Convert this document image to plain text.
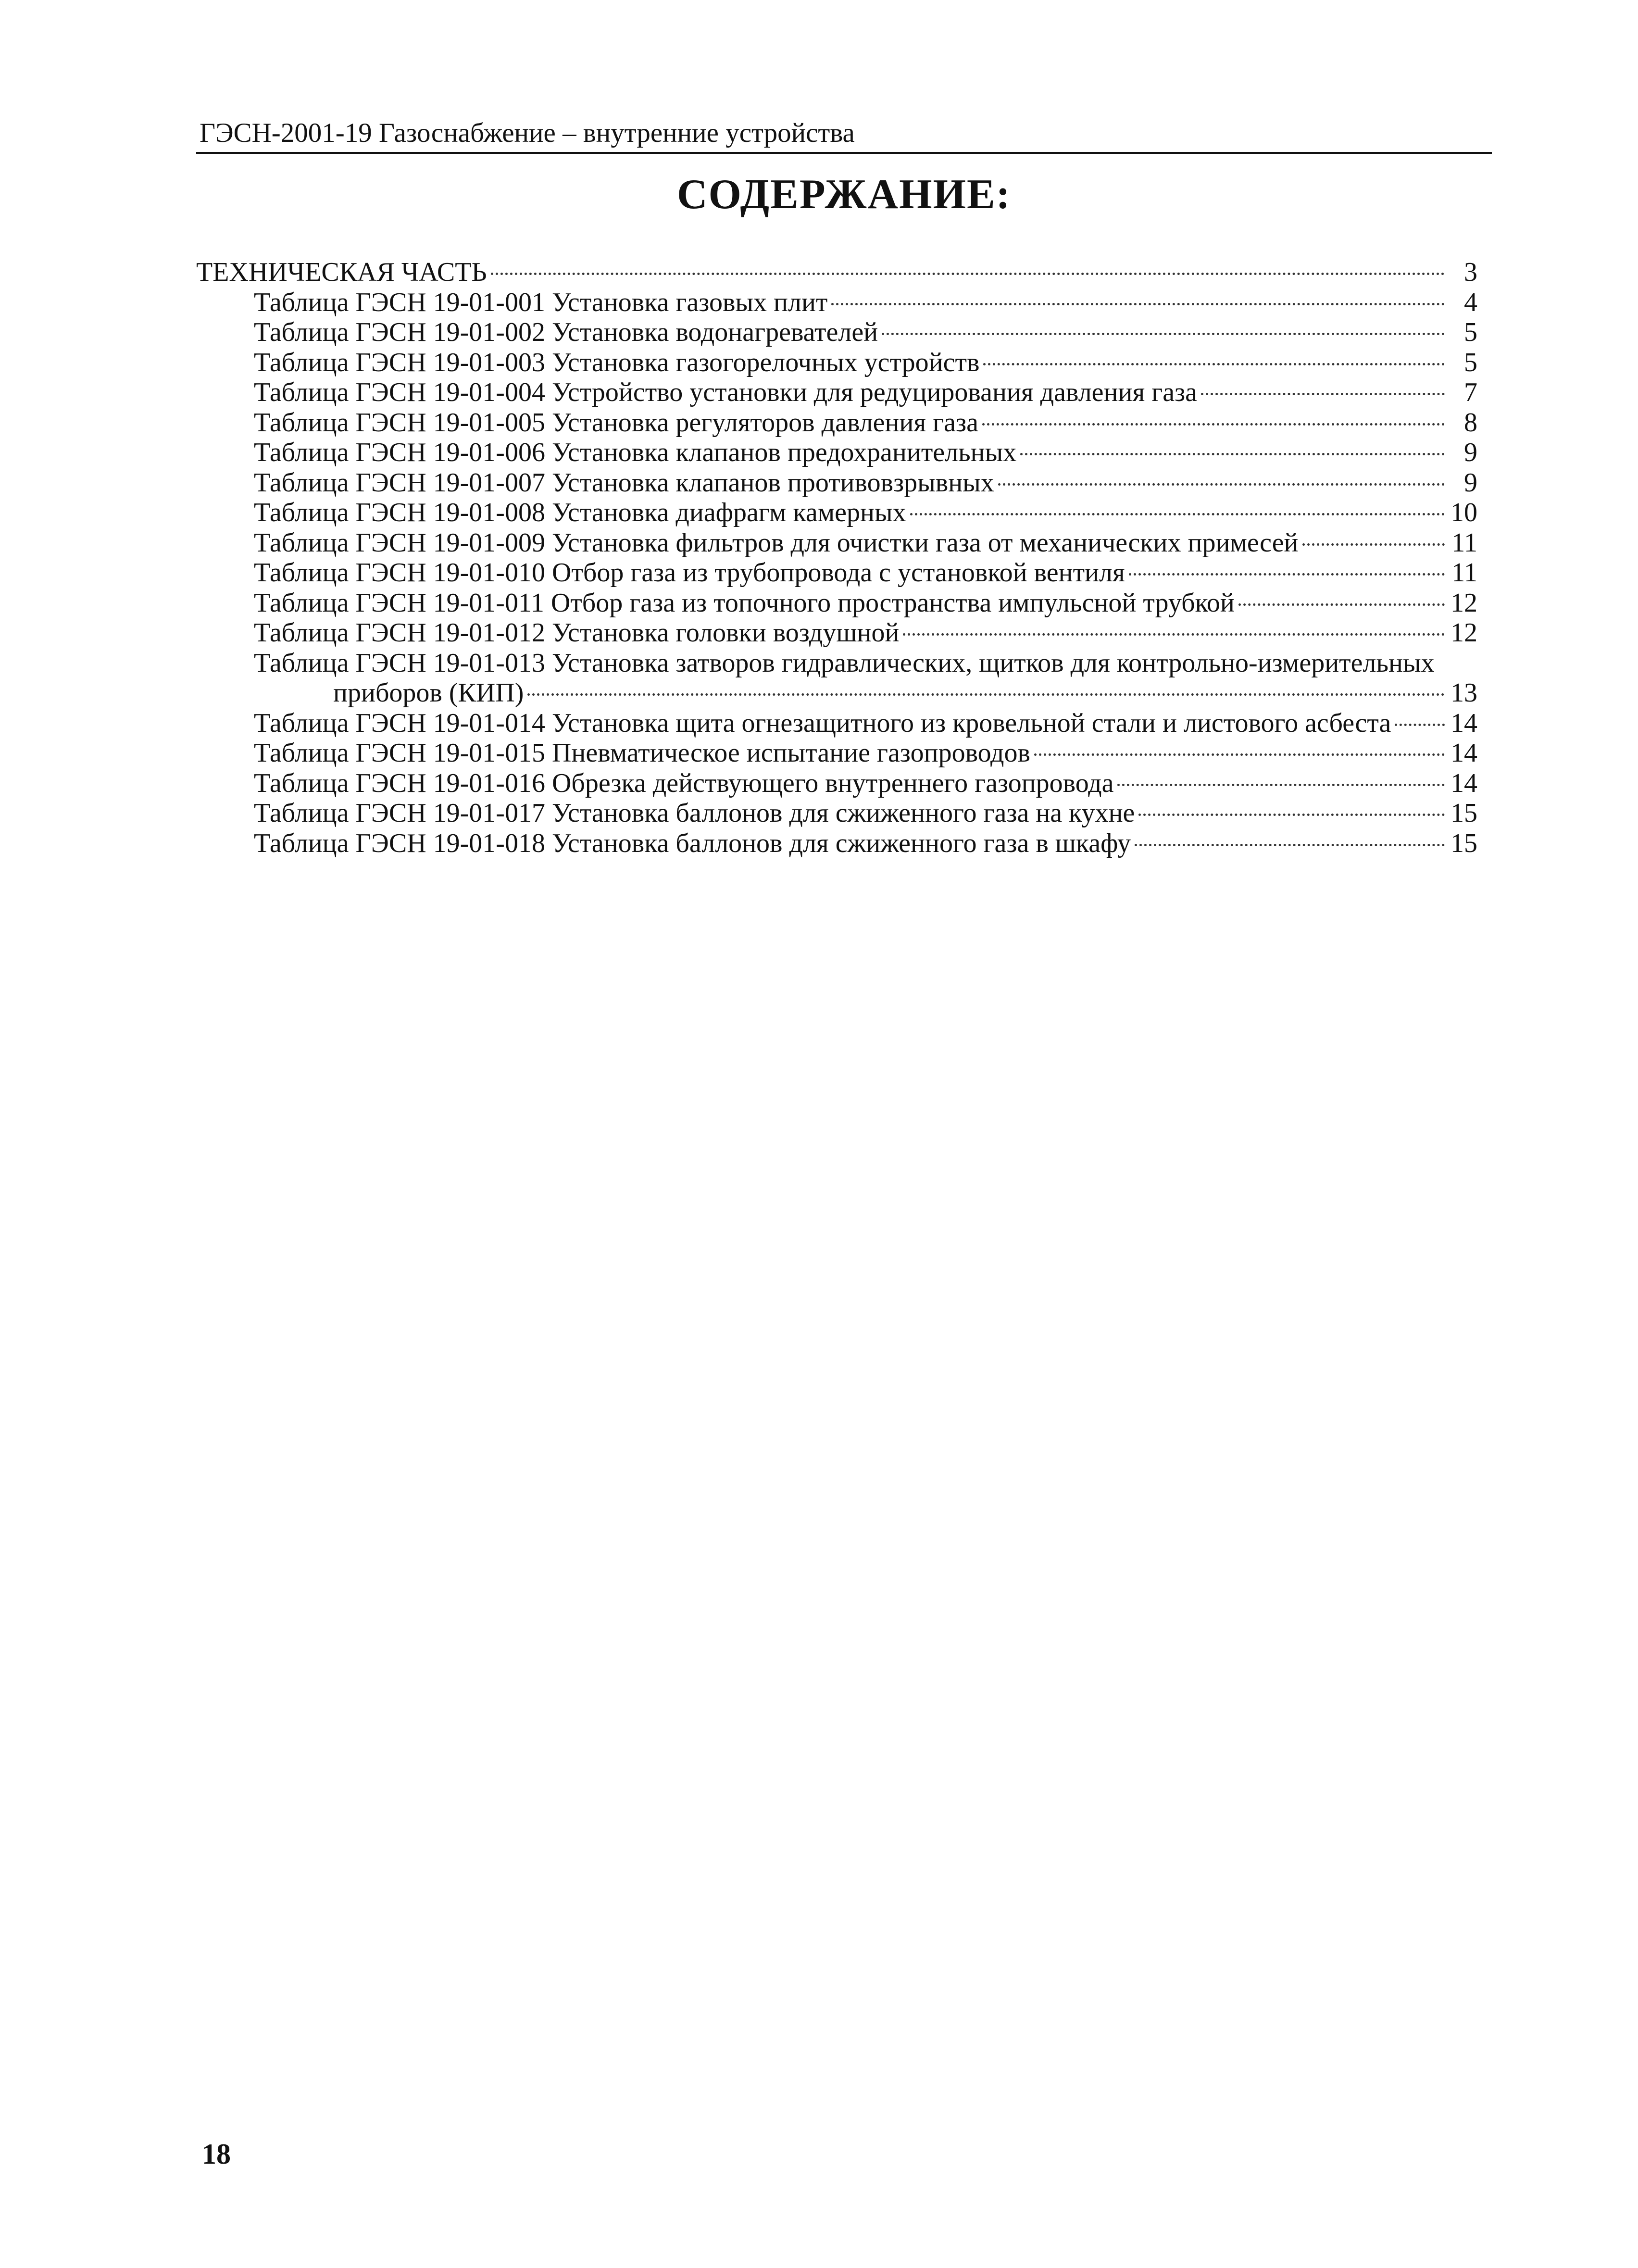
ГЭСН-2001-19 Газоснабжение – внутренние устройства
СОДЕРЖАНИЕ:
ТЕХНИЧЕСКАЯ ЧАСТЬ	3
Таблица ГЭСН 19-01-001 Установка газовых плит	4
Таблица ГЭСН 19-01-002 Установка водонагревателей	5
Таблица ГЭСН 19-01-003 Установка газогорелочных устройств	5
Таблица ГЭСН 19-01-004 Устройство установки для редуцирования давления газа	7
Таблица ГЭСН 19-01-005 Установка регуляторов давления газа	8
Таблица ГЭСН 19-01-006 Установка клапанов предохранительных	9
Таблица ГЭСН 19-01-007 Установка клапанов противовзрывных	9
Таблица ГЭСН 19-01-008 Установка диафрагм камерных	10
Таблица ГЭСН 19-01-009 Установка фильтров для очистки газа от механических примесей	11
Таблица ГЭСН 19-01-010 Отбор газа из трубопровода с установкой вентиля	11
Таблица ГЭСН 19-01-011 Отбор газа из топочного пространства импульсной трубкой	12
Таблица ГЭСН 19-01-012 Установка головки воздушной	12
Таблица ГЭСН 19-01-013 Установка затворов гидравлических, щитков для контрольно-измерительных
приборов (КИП)	13
Таблица ГЭСН 19-01-014 Установка щита огнезащитного из кровельной стали и листового асбеста 14
Таблица ГЭСН 19-01-015 Пневматическое испытание газопроводов	14
Таблица ГЭСН 19-01-016 Обрезка действующего внутреннего газопровода	14
Таблица ГЭСН 19-01-017 Установка баллонов для сжиженного газа на кухне	15
Таблица ГЭСН 19-01-018 Установка баллонов для сжиженного газа в шкафу	15
18
